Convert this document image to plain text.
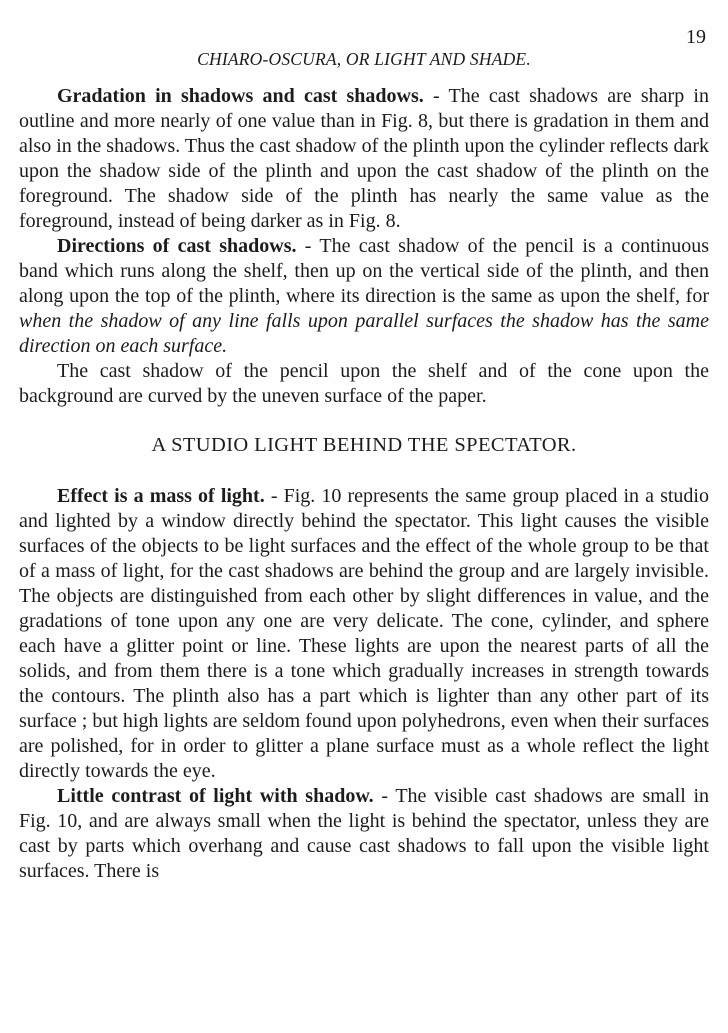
19
CHIARO-OSCURA, OR LIGHT AND SHADE.

Gradation in shadows and cast shadows. - The cast shadows are sharp in outline and more nearly of one value than in Fig. 8, but there is gradation in them and also in the shadows. Thus the cast shadow of the plinth upon the cylinder reflects dark upon the shadow side of the plinth and upon the cast shadow of the plinth on the foreground. The shadow side of the plinth has nearly the same value as the foreground, instead of being darker as in Fig. 8.

Directions of cast shadows. - The cast shadow of the pencil is a continuous band which runs along the shelf, then up on the vertical side of the plinth, and then along upon the top of the plinth, where its direction is the same as upon the shelf, for when the shadow of any line falls upon parallel surfaces the shadow has the same direction on each surface.

The cast shadow of the pencil upon the shelf and of the cone upon the background are curved by the uneven surface of the paper.

A STUDIO LIGHT BEHIND THE SPECTATOR.

Effect is a mass of light. - Fig. 10 represents the same group placed in a studio and lighted by a window directly behind the spectator. This light causes the visible surfaces of the objects to be light surfaces and the effect of the whole group to be that of a mass of light, for the cast shadows are behind the group and are largely invisible. The objects are distinguished from each other by slight differences in value, and the gradations of tone upon any one are very delicate. The cone, cylinder, and sphere each have a glitter point or line. These lights are upon the nearest parts of all the solids, and from them there is a tone which gradually increases in strength towards the contours. The plinth also has a part which is lighter than any other part of its surface ; but high lights are seldom found upon polyhedrons, even when their surfaces are polished, for in order to glitter a plane surface must as a whole reflect the light directly towards the eye.

Little contrast of light with shadow. - The visible cast shadows are small in Fig. 10, and are always small when the light is behind the spectator, unless they are cast by parts which overhang and cause cast shadows to fall upon the visible light surfaces. There is
